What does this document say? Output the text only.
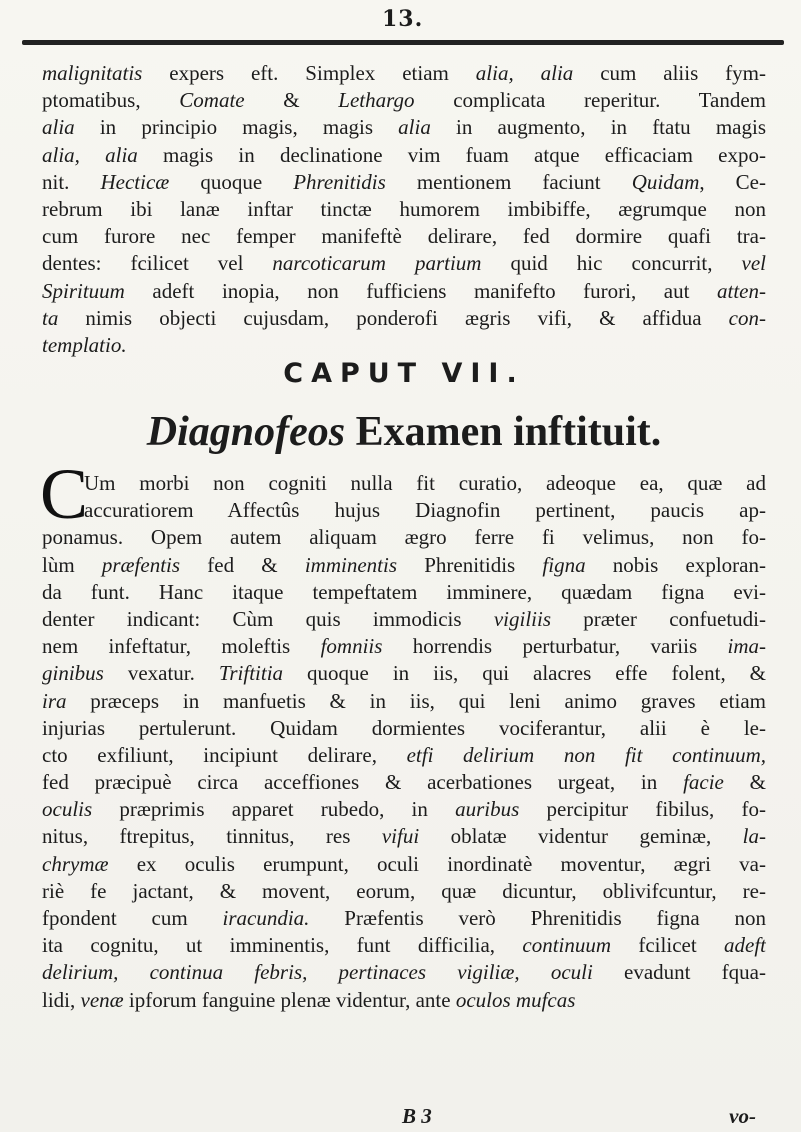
13.
malignitatis expers eft. Simplex etiam alia, alia cum aliis fym-
ptomatibus, Comate & Lethargo complicata reperitur. Tandem
alia in principio magis, magis alia in augmento, in ftatu magis
alia, alia magis in declinatione vim fuam atque efficaciam expo-
nit. Hecticæ quoque Phrenitidis mentionem faciunt Quidam, Ce-
rebrum ibi lanæ inftar tinctæ humorem imbibiffe, ægrumque non
cum furore nec femper manifeftè delirare, fed dormire quafi tra-
dentes: fcilicet vel narcoticarum partium quid hic concurrit, vel
Spirituum adeft inopia, non fufficiens manifefto furori, aut atten-
ta nimis objecti cujusdam, ponderofi ægris vifi, & affidua con-
templatio.
CAPUT VII.
Diagnofeos Examen inftituit.
C
Um morbi non cogniti nulla fit curatio, adeoque ea, quæ ad
accuratiorem Affectûs hujus Diagnofin pertinent, paucis ap-
ponamus. Opem autem aliquam ægro ferre fi velimus, non fo-
lùm præfentis fed & imminentis Phrenitidis figna nobis exploran-
da funt. Hanc itaque tempeftatem imminere, quædam figna evi-
denter indicant: Cùm quis immodicis vigiliis præter confuetudi-
nem infeftatur, moleftis fomniis horrendis perturbatur, variis ima-
ginibus vexatur. Triftitia quoque in iis, qui alacres effe folent, &
ira præceps in manfuetis & in iis, qui leni animo graves etiam
injurias pertulerunt. Quidam dormientes vociferantur, alii è le-
cto exfiliunt, incipiunt delirare, etfi delirium non fit continuum,
fed præcipuè circa acceffiones & acerbationes urgeat, in facie &
oculis præprimis apparet rubedo, in auribus percipitur fibilus, fo-
nitus, ftrepitus, tinnitus, res vifui oblatæ videntur geminæ, la-
chrymæ ex oculis erumpunt, oculi inordinatè moventur, ægri va-
riè fe jactant, & movent, eorum, quæ dicuntur, oblivifcuntur, re-
fpondent cum iracundia. Præfentis verò Phrenitidis figna non
ita cognitu, ut imminentis, funt difficilia, continuum fcilicet adeft
delirium, continua febris, pertinaces vigiliæ, oculi evadunt fqua-
lidi, venæ ipforum fanguine plenæ videntur, ante oculos mufcas
B 3	vo-
